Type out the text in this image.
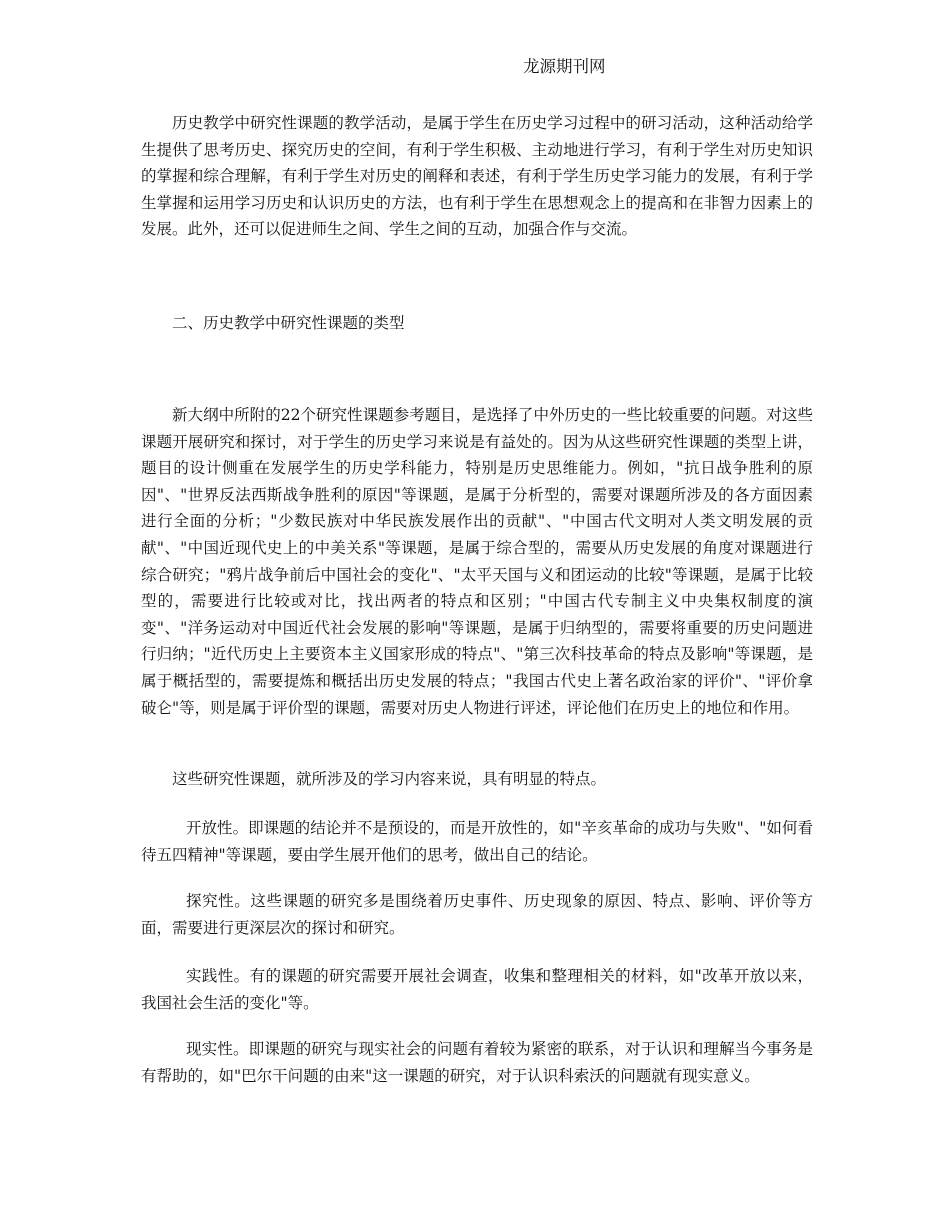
龙源期刊网
历史教学中研究性课题的教学活动，是属于学生在历史学习过程中的研习活动，这种活动给学生提供了思考历史、探究历史的空间，有利于学生积极、主动地进行学习，有利于学生对历史知识的掌握和综合理解，有利于学生对历史的阐释和表述，有利于学生历史学习能力的发展，有利于学生掌握和运用学习历史和认识历史的方法，也有利于学生在思想观念上的提高和在非智力因素上的发展。此外，还可以促进师生之间、学生之间的互动，加强合作与交流。
二、历史教学中研究性课题的类型
新大纲中所附的22个研究性课题参考题目，是选择了中外历史的一些比较重要的问题。对这些课题开展研究和探讨，对于学生的历史学习来说是有益处的。因为从这些研究性课题的类型上讲，题目的设计侧重在发展学生的历史学科能力，特别是历史思维能力。例如，"抗日战争胜利的原因"、"世界反法西斯战争胜利的原因"等课题，是属于分析型的，需要对课题所涉及的各方面因素进行全面的分析；"少数民族对中华民族发展作出的贡献"、"中国古代文明对人类文明发展的贡献"、"中国近现代史上的中美关系"等课题，是属于综合型的，需要从历史发展的角度对课题进行综合研究；"鸦片战争前后中国社会的变化"、"太平天国与义和团运动的比较"等课题，是属于比较型的，需要进行比较或对比，找出两者的特点和区别；"中国古代专制主义中央集权制度的演变"、"洋务运动对中国近代社会发展的影响"等课题，是属于归纳型的，需要将重要的历史问题进行归纳；"近代历史上主要资本主义国家形成的特点"、"第三次科技革命的特点及影响"等课题，是属于概括型的，需要提炼和概括出历史发展的特点；"我国古代史上著名政治家的评价"、"评价拿破仑"等，则是属于评价型的课题，需要对历史人物进行评述，评论他们在历史上的地位和作用。
这些研究性课题，就所涉及的学习内容来说，具有明显的特点。
开放性。即课题的结论并不是预设的，而是开放性的，如"辛亥革命的成功与失败"、"如何看待五四精神"等课题，要由学生展开他们的思考，做出自己的结论。
探究性。这些课题的研究多是围绕着历史事件、历史现象的原因、特点、影响、评价等方面，需要进行更深层次的探讨和研究。
实践性。有的课题的研究需要开展社会调查，收集和整理相关的材料，如"改革开放以来，我国社会生活的变化"等。
现实性。即课题的研究与现实社会的问题有着较为紧密的联系，对于认识和理解当今事务是有帮助的，如"巴尔干问题的由来"这一课题的研究，对于认识科索沃的问题就有现实意义。
